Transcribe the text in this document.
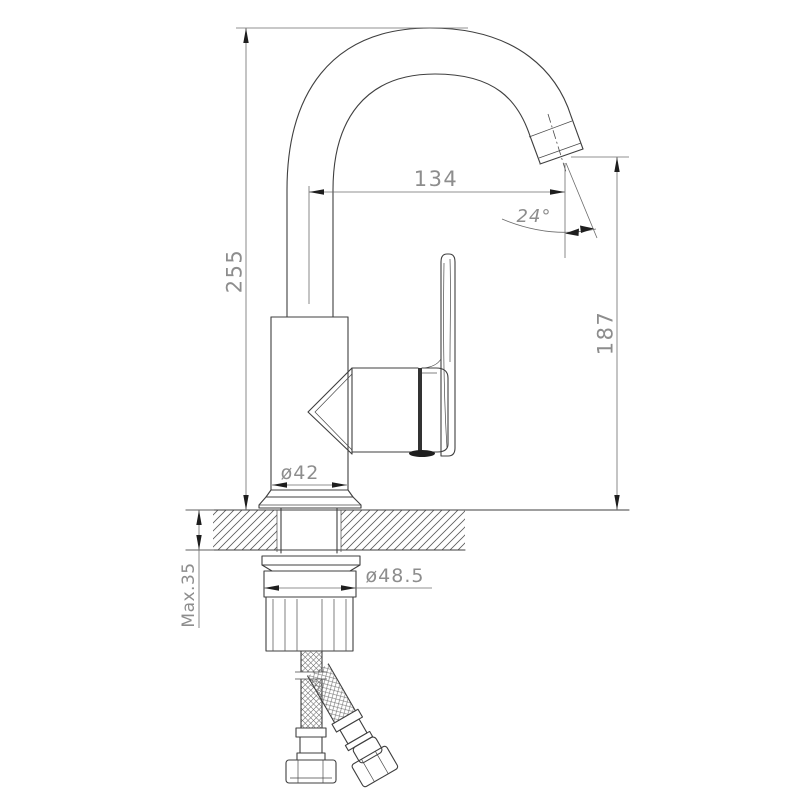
255
134
24°
187
ø42
ø48.5
Max.35
